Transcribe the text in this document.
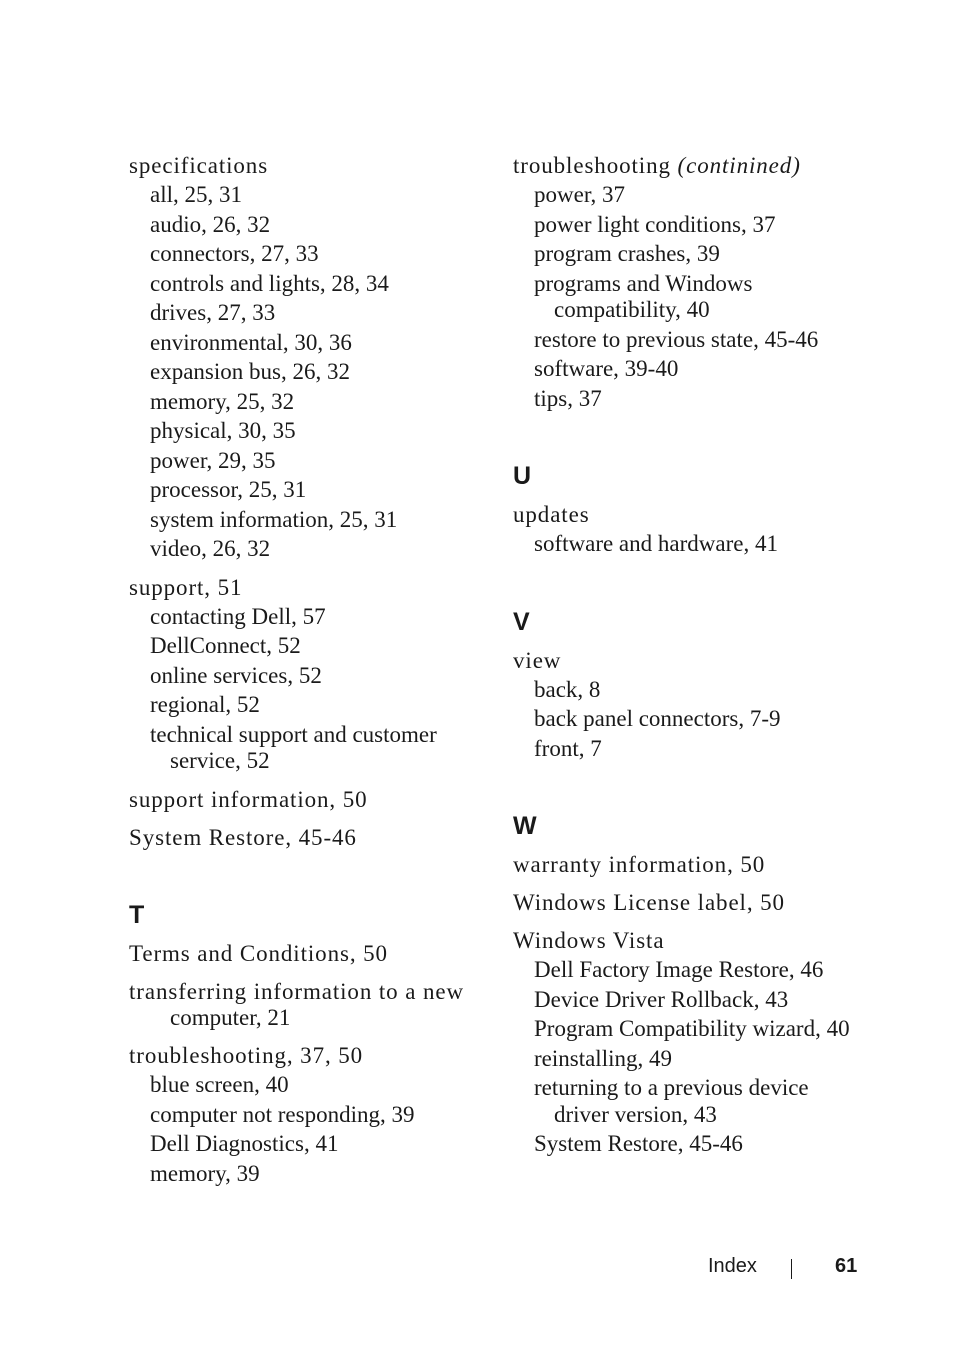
specifications
all, 25, 31
audio, 26, 32
connectors, 27, 33
controls and lights, 28, 34
drives, 27, 33
environmental, 30, 36
expansion bus, 26, 32
memory, 25, 32
physical, 30, 35
power, 29, 35
processor, 25, 31
system information, 25, 31
video, 26, 32
support, 51
contacting Dell, 57
DellConnect, 52
online services, 52
regional, 52
technical support and customer
service, 52
support information, 50
System Restore, 45-46
T
Terms and Conditions, 50
transferring information to a new
computer, 21
troubleshooting, 37, 50
blue screen, 40
computer not responding, 39
Dell Diagnostics, 41
memory, 39
troubleshooting (continined)
power, 37
power light conditions, 37
program crashes, 39
programs and Windows
compatibility, 40
restore to previous state, 45-46
software, 39-40
tips, 37
U
updates
software and hardware, 41
V
view
back, 8
back panel connectors, 7-9
front, 7
W
warranty information, 50
Windows License label, 50
Windows Vista
Dell Factory Image Restore, 46
Device Driver Rollback, 43
Program Compatibility wizard, 40
reinstalling, 49
returning to a previous device
driver version, 43
System Restore, 45-46
Index	61
